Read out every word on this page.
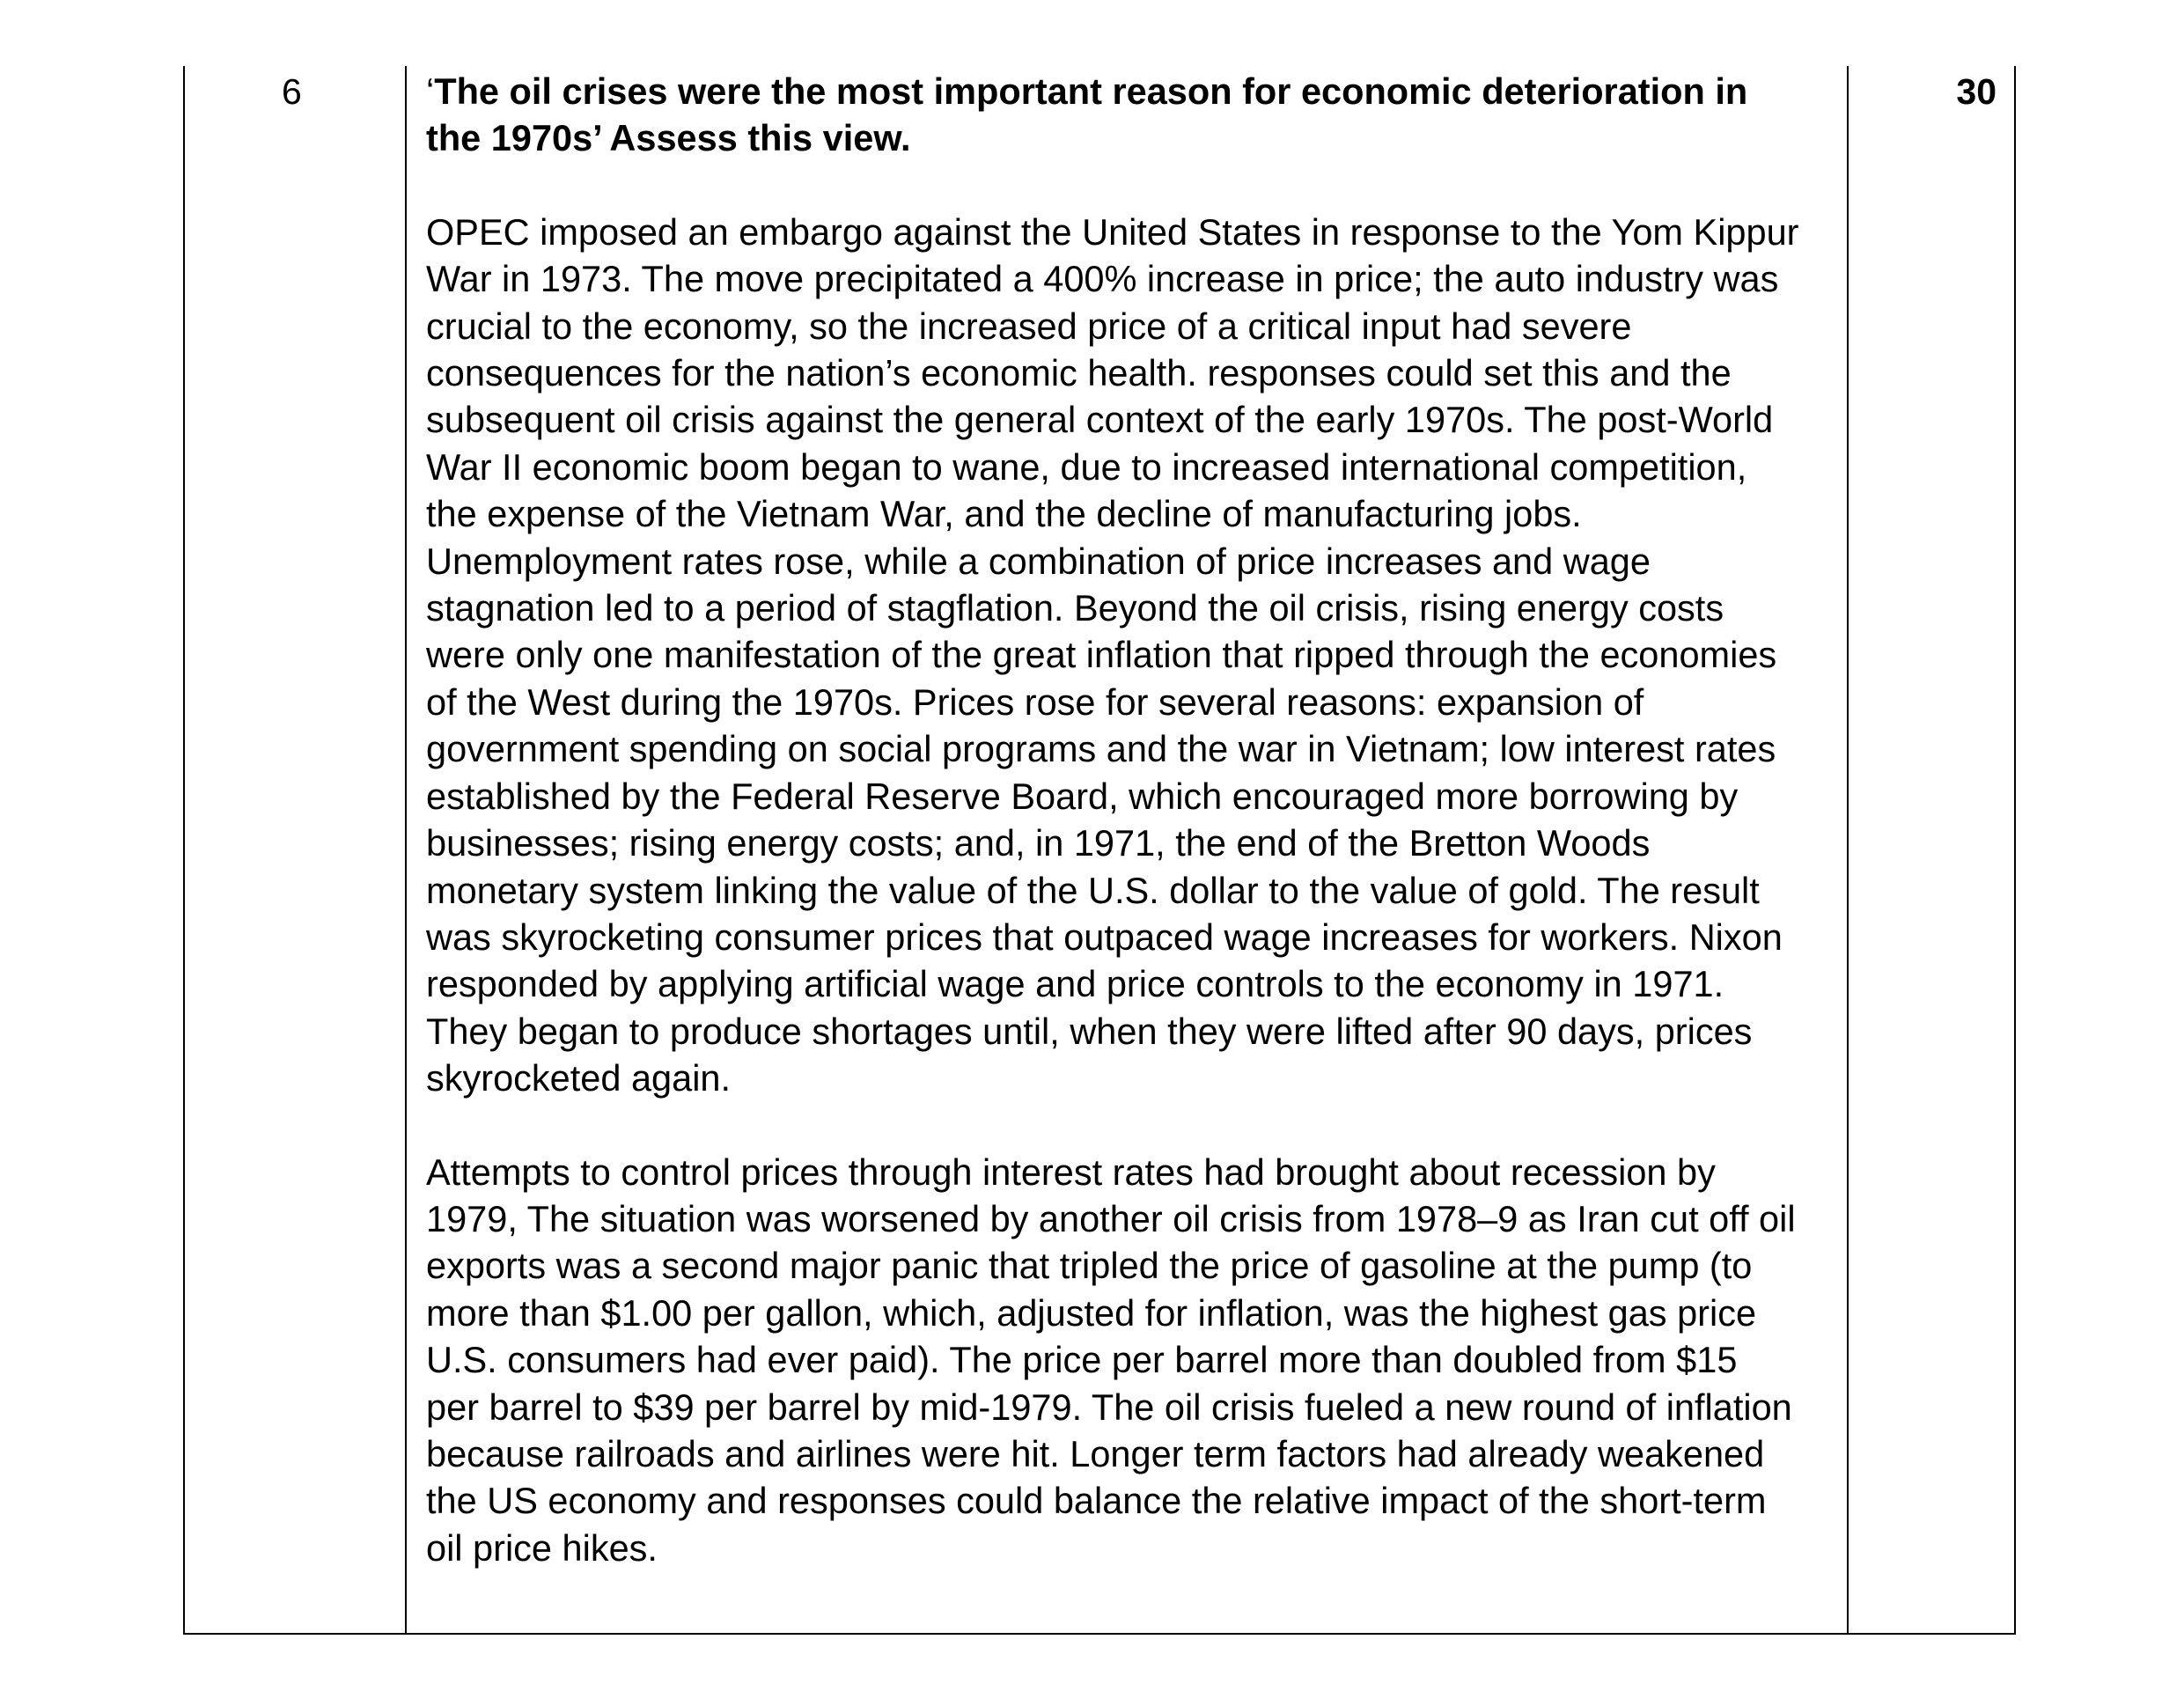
6	‘The oil crises were the most important reason for economic deterioration in the 1970s’ Assess this view.

OPEC imposed an embargo against the United States in response to the Yom Kippur War in 1973. The move precipitated a 400% increase in price; the auto industry was crucial to the economy, so the increased price of a critical input had severe consequences for the nation’s economic health. responses could set this and the subsequent oil crisis against the general context of the early 1970s. The post-World War II economic boom began to wane, due to increased international competition, the expense of the Vietnam War, and the decline of manufacturing jobs. Unemployment rates rose, while a combination of price increases and wage stagnation led to a period of stagflation. Beyond the oil crisis, rising energy costs were only one manifestation of the great inflation that ripped through the economies of the West during the 1970s. Prices rose for several reasons: expansion of government spending on social programs and the war in Vietnam; low interest rates established by the Federal Reserve Board, which encouraged more borrowing by businesses; rising energy costs; and, in 1971, the end of the Bretton Woods monetary system linking the value of the U.S. dollar to the value of gold. The result was skyrocketing consumer prices that outpaced wage increases for workers. Nixon responded by applying artificial wage and price controls to the economy in 1971. They began to produce shortages until, when they were lifted after 90 days, prices skyrocketed again.

Attempts to control prices through interest rates had brought about recession by 1979, The situation was worsened by another oil crisis from 1978–9 as Iran cut off oil exports was a second major panic that tripled the price of gasoline at the pump (to more than $1.00 per gallon, which, adjusted for inflation, was the highest gas price U.S. consumers had ever paid). The price per barrel more than doubled from $15 per barrel to $39 per barrel by mid-1979. The oil crisis fueled a new round of inflation because railroads and airlines were hit. Longer term factors had already weakened the US economy and responses could balance the relative impact of the short-term oil price hikes.

30
